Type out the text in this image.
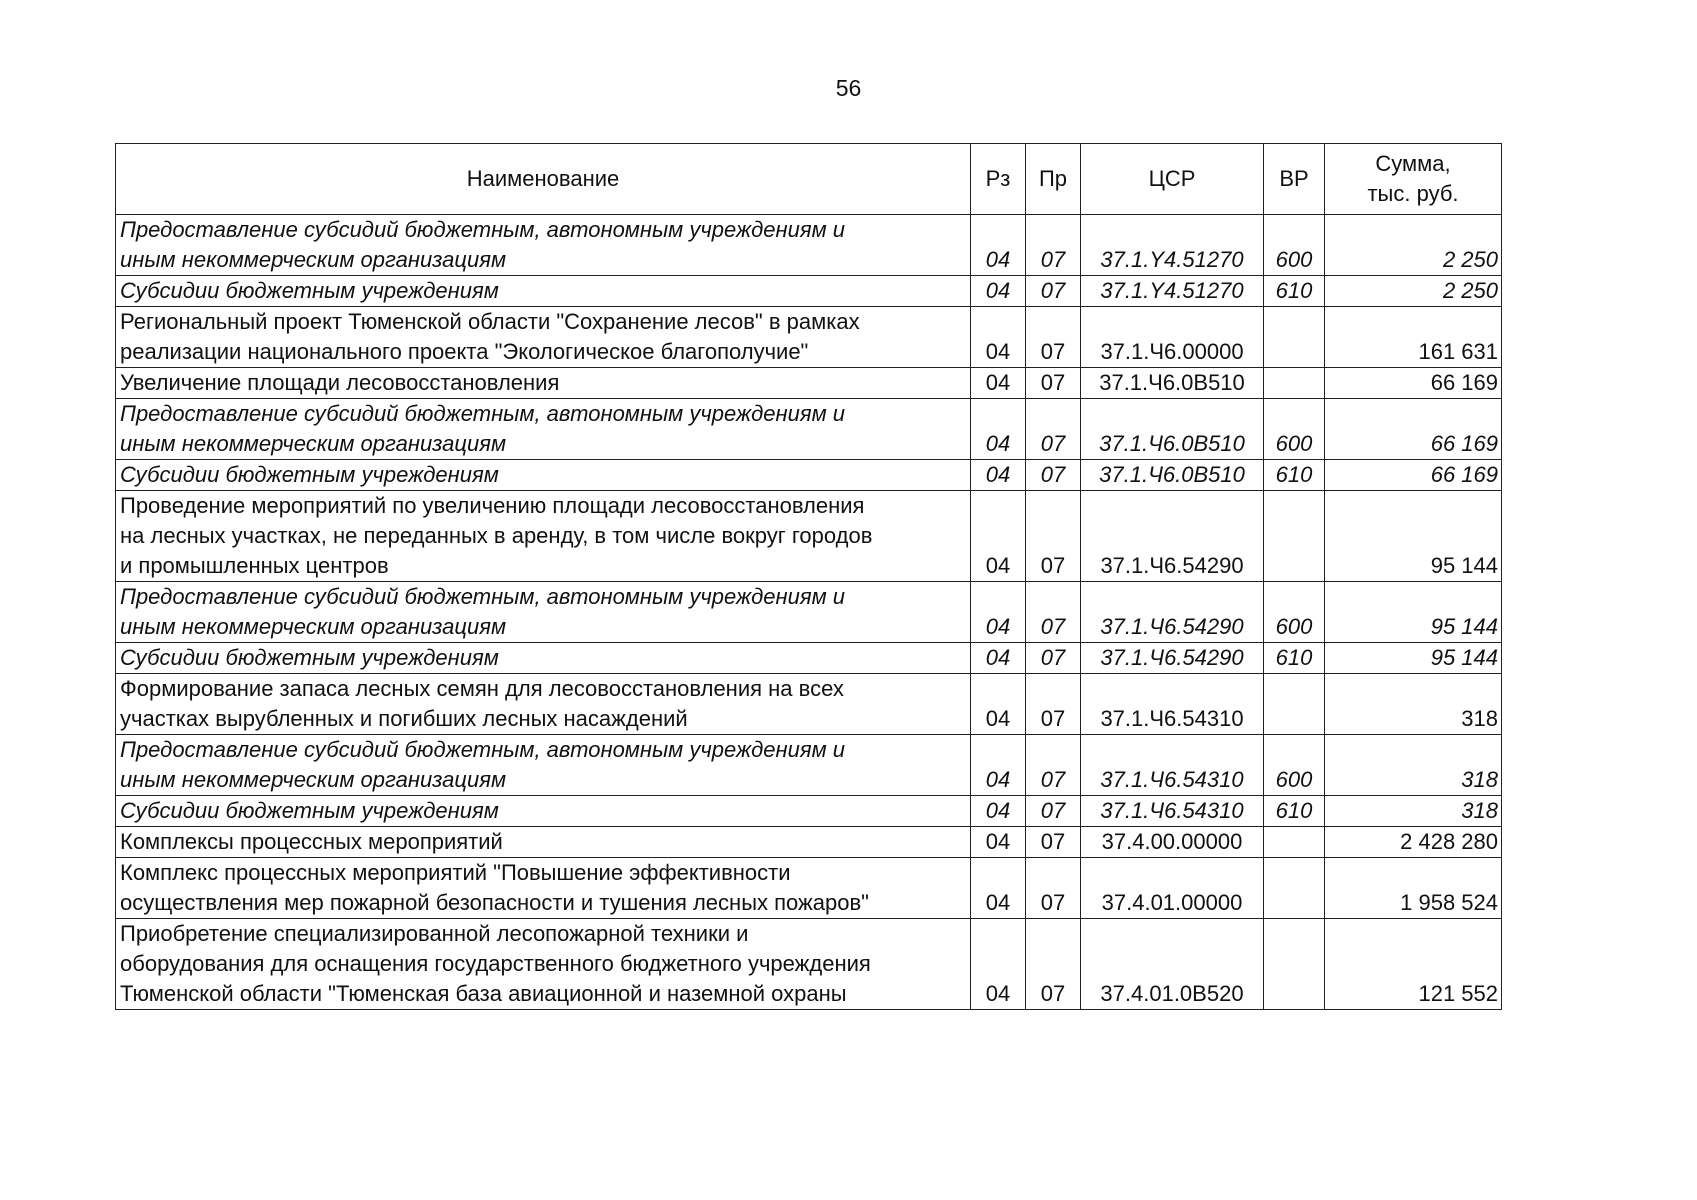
56
Наименование	Рз	Пр	ЦСР	ВР	Сумма,
тыс. руб.

Предоставление субсидий бюджетным, автономным учреждениям и
иным некоммерческим организациям	04	07	37.1.Y4.51270	600	2 250

Субсидии бюджетным учреждениям	04	07	37.1.Y4.51270	610	2 250

Региональный проект Тюменской области "Сохранение лесов" в рамках
реализации национального проекта "Экологическое благополучие"	04	07	37.1.Ч6.00000		161 631

Увеличение площади лесовосстановления	04	07	37.1.Ч6.0В510		66 169

Предоставление субсидий бюджетным, автономным учреждениям и
иным некоммерческим организациям	04	07	37.1.Ч6.0В510	600	66 169

Субсидии бюджетным учреждениям	04	07	37.1.Ч6.0В510	610	66 169

Проведение мероприятий по увеличению площади лесовосстановления
на лесных участках, не переданных в аренду, в том числе вокруг городов
и промышленных центров	04	07	37.1.Ч6.54290		95 144

Предоставление субсидий бюджетным, автономным учреждениям и
иным некоммерческим организациям	04	07	37.1.Ч6.54290	600	95 144

Субсидии бюджетным учреждениям	04	07	37.1.Ч6.54290	610	95 144

Формирование запаса лесных семян для лесовосстановления на всех
участках вырубленных и погибших лесных насаждений	04	07	37.1.Ч6.54310		318

Предоставление субсидий бюджетным, автономным учреждениям и
иным некоммерческим организациям	04	07	37.1.Ч6.54310	600	318

Субсидии бюджетным учреждениям	04	07	37.1.Ч6.54310	610	318

Комплексы процессных мероприятий	04	07	37.4.00.00000		2 428 280

Комплекс процессных мероприятий "Повышение эффективности
осуществления мер пожарной безопасности и тушения лесных пожаров"	04	07	37.4.01.00000		1 958 524

Приобретение специализированной лесопожарной техники и
оборудования для оснащения государственного бюджетного учреждения
Тюменской области "Тюменская база авиационной и наземной охраны	04	07	37.4.01.0В520		121 552
